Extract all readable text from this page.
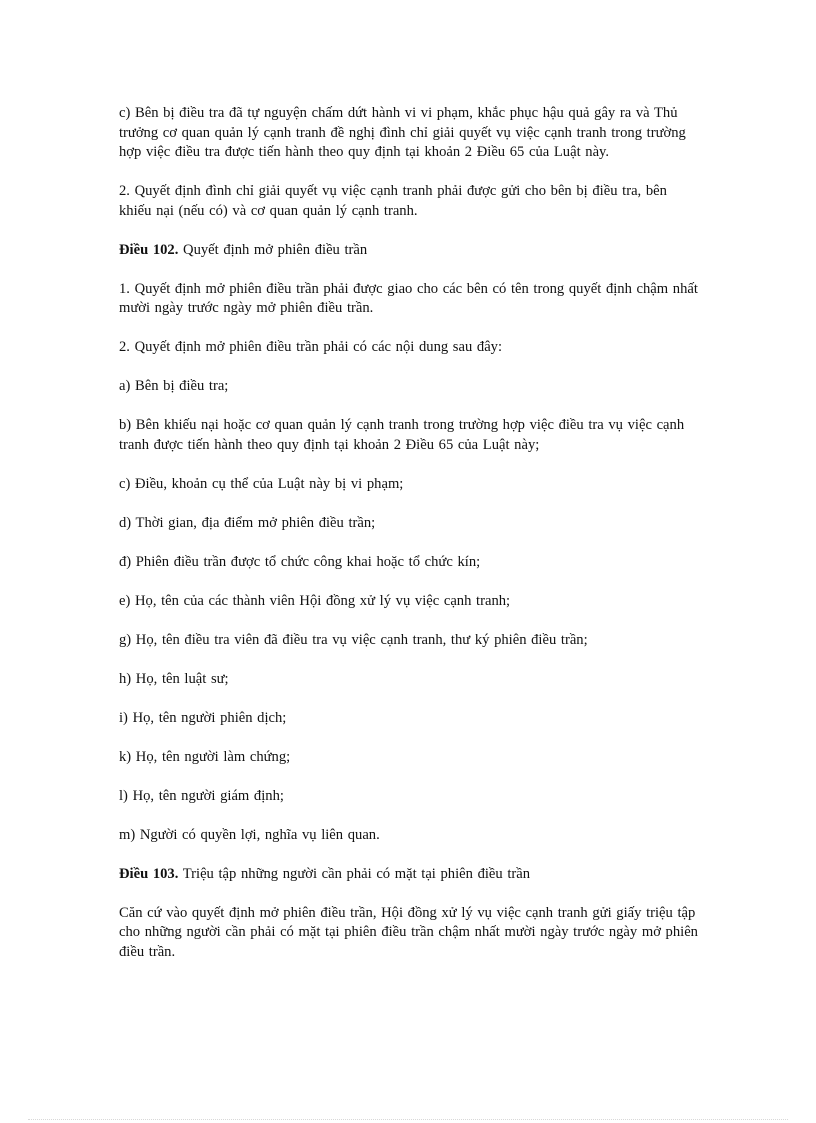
c) Bên bị điều tra đã tự nguyện chấm dứt hành vi vi phạm, khắc phục hậu quả gây ra và Thủ trưởng cơ quan quản lý cạnh tranh đề nghị đình chỉ giải quyết vụ việc cạnh tranh trong trường hợp việc điều tra được tiến hành theo quy định tại khoản 2 Điều 65 của Luật này.

2. Quyết định đình chỉ giải quyết vụ việc cạnh tranh phải được gửi cho bên bị điều tra, bên khiếu nại (nếu có) và cơ quan quản lý cạnh tranh.

Điều 102. Quyết định mở phiên điều trần

1. Quyết định mở phiên điều trần phải được giao cho các bên có tên trong quyết định chậm nhất mười ngày trước ngày mở phiên điều trần.

2. Quyết định mở phiên điều trần phải có các nội dung sau đây:

a) Bên bị điều tra;

b) Bên khiếu nại hoặc cơ quan quản lý cạnh tranh trong trường hợp việc điều tra vụ việc cạnh tranh được tiến hành theo quy định tại khoản 2 Điều 65 của Luật này;

c) Điều, khoản cụ thể của Luật này bị vi phạm;

d) Thời gian, địa điểm mở phiên điều trần;

đ) Phiên điều trần được tổ chức công khai hoặc tổ chức kín;

e) Họ, tên của các thành viên Hội đồng xử lý vụ việc cạnh tranh;

g) Họ, tên điều tra viên đã điều tra vụ việc cạnh tranh, thư ký phiên điều trần;

h) Họ, tên luật sư;

i) Họ, tên người phiên dịch;

k) Họ, tên người làm chứng;

l) Họ, tên người giám định;

m) Người có quyền lợi, nghĩa vụ liên quan.

Điều 103. Triệu tập những người cần phải có mặt tại phiên điều trần

Căn cứ vào quyết định mở phiên điều trần, Hội đồng xử lý vụ việc cạnh tranh gửi giấy triệu tập cho những người cần phải có mặt tại phiên điều trần chậm nhất mười ngày trước ngày mở phiên điều trần.
